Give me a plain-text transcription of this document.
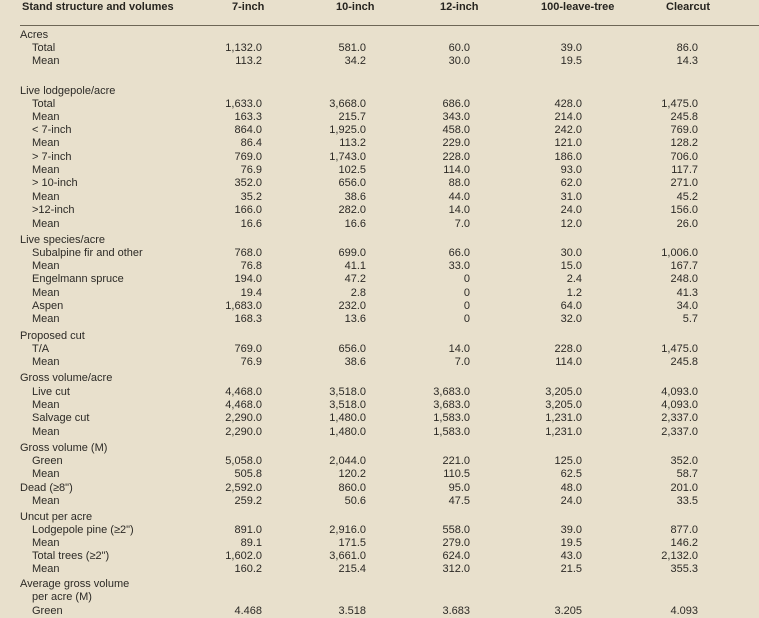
Stand structure and volumes	7-inch	10-inch	12-inch	100-leave-tree	Clearcut
Acres
Total	1,132.0	581.0	60.0	39.0	86.0
Mean	113.2	34.2	30.0	19.5	14.3
Live lodgepole/acre
Total	1,633.0	3,668.0	686.0	428.0	1,475.0
Mean	163.3	215.7	343.0	214.0	245.8
< 7-inch	864.0	1,925.0	458.0	242.0	769.0
Mean	86.4	113.2	229.0	121.0	128.2
> 7-inch	769.0	1,743.0	228.0	186.0	706.0
Mean	76.9	102.5	114.0	93.0	117.7
> 10-inch	352.0	656.0	88.0	62.0	271.0
Mean	35.2	38.6	44.0	31.0	45.2
>12-inch	166.0	282.0	14.0	24.0	156.0
Mean	16.6	16.6	7.0	12.0	26.0
Live species/acre
Subalpine fir and other	768.0	699.0	66.0	30.0	1,006.0
Mean	76.8	41.1	33.0	15.0	167.7
Engelmann spruce	194.0	47.2	0	2.4	248.0
Mean	19.4	2.8	0	1.2	41.3
Aspen	1,683.0	232.0	0	64.0	34.0
Mean	168.3	13.6	0	32.0	5.7
Proposed cut
T/A	769.0	656.0	14.0	228.0	1,475.0
Mean	76.9	38.6	7.0	114.0	245.8
Gross volume/acre
Live cut	4,468.0	3,518.0	3,683.0	3,205.0	4,093.0
Mean	4,468.0	3,518.0	3,683.0	3,205.0	4,093.0
Salvage cut	2,290.0	1,480.0	1,583.0	1,231.0	2,337.0
Mean	2,290.0	1,480.0	1,583.0	1,231.0	2,337.0
Gross volume (M)
Green	5,058.0	2,044.0	221.0	125.0	352.0
Mean	505.8	120.2	110.5	62.5	58.7
Dead (≥8")	2,592.0	860.0	95.0	48.0	201.0
Mean	259.2	50.6	47.5	24.0	33.5
Uncut per acre
Lodgepole pine (≥2")	891.0	2,916.0	558.0	39.0	877.0
Mean	89.1	171.5	279.0	19.5	146.2
Total trees (≥2")	1,602.0	3,661.0	624.0	43.0	2,132.0
Mean	160.2	215.4	312.0	21.5	355.3
Average gross volume
per acre (M)
Green	4.468	3.518	3.683	3.205	4.093
